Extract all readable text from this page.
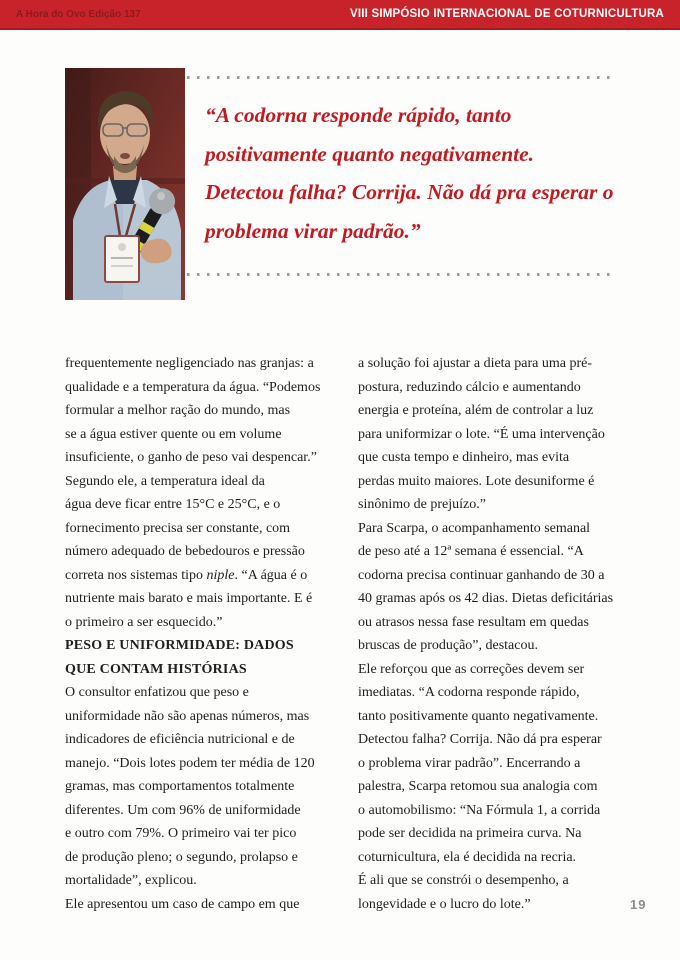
A Hora do Ovo Edição 137	VIII SIMPÓSIO INTERNACIONAL DE COTURNICULTURA
“A codorna responde rápido, tanto
positivamente quanto negativamente.
Detectou falha? Corrija. Não dá pra esperar o
problema virar padrão.”
frequentemente negligenciado nas granjas: a
qualidade e a temperatura da água. “Podemos
formular a melhor ração do mundo, mas
se a água estiver quente ou em volume
insuficiente, o ganho de peso vai despencar.”
Segundo ele, a temperatura ideal da
água deve ficar entre 15°C e 25°C, e o
fornecimento precisa ser constante, com
número adequado de bebedouros e pressão
correta nos sistemas tipo niple. “A água é o
nutriente mais barato e mais importante. E é
o primeiro a ser esquecido.”
PESO E UNIFORMIDADE: DADOS
QUE CONTAM HISTÓRIAS
O consultor enfatizou que peso e
uniformidade não são apenas números, mas
indicadores de eficiência nutricional e de
manejo. “Dois lotes podem ter média de 120
gramas, mas comportamentos totalmente
diferentes. Um com 96% de uniformidade
e outro com 79%. O primeiro vai ter pico
de produção pleno; o segundo, prolapso e
mortalidade”, explicou.
Ele apresentou um caso de campo em que
a solução foi ajustar a dieta para uma pré-
postura, reduzindo cálcio e aumentando
energia e proteína, além de controlar a luz
para uniformizar o lote. “É uma intervenção
que custa tempo e dinheiro, mas evita
perdas muito maiores. Lote desuniforme é
sinônimo de prejuízo.”
Para Scarpa, o acompanhamento semanal
de peso até a 12ª semana é essencial. “A
codorna precisa continuar ganhando de 30 a
40 gramas após os 42 dias. Dietas deficitárias
ou atrasos nessa fase resultam em quedas
bruscas de produção”, destacou.
Ele reforçou que as correções devem ser
imediatas. “A codorna responde rápido,
tanto positivamente quanto negativamente.
Detectou falha? Corrija. Não dá pra esperar
o problema virar padrão”. Encerrando a
palestra, Scarpa retomou sua analogia com
o automobilismo: “Na Fórmula 1, a corrida
pode ser decidida na primeira curva. Na
coturnicultura, ela é decidida na recria.
É ali que se constrói o desempenho, a
longevidade e o lucro do lote.”	19
